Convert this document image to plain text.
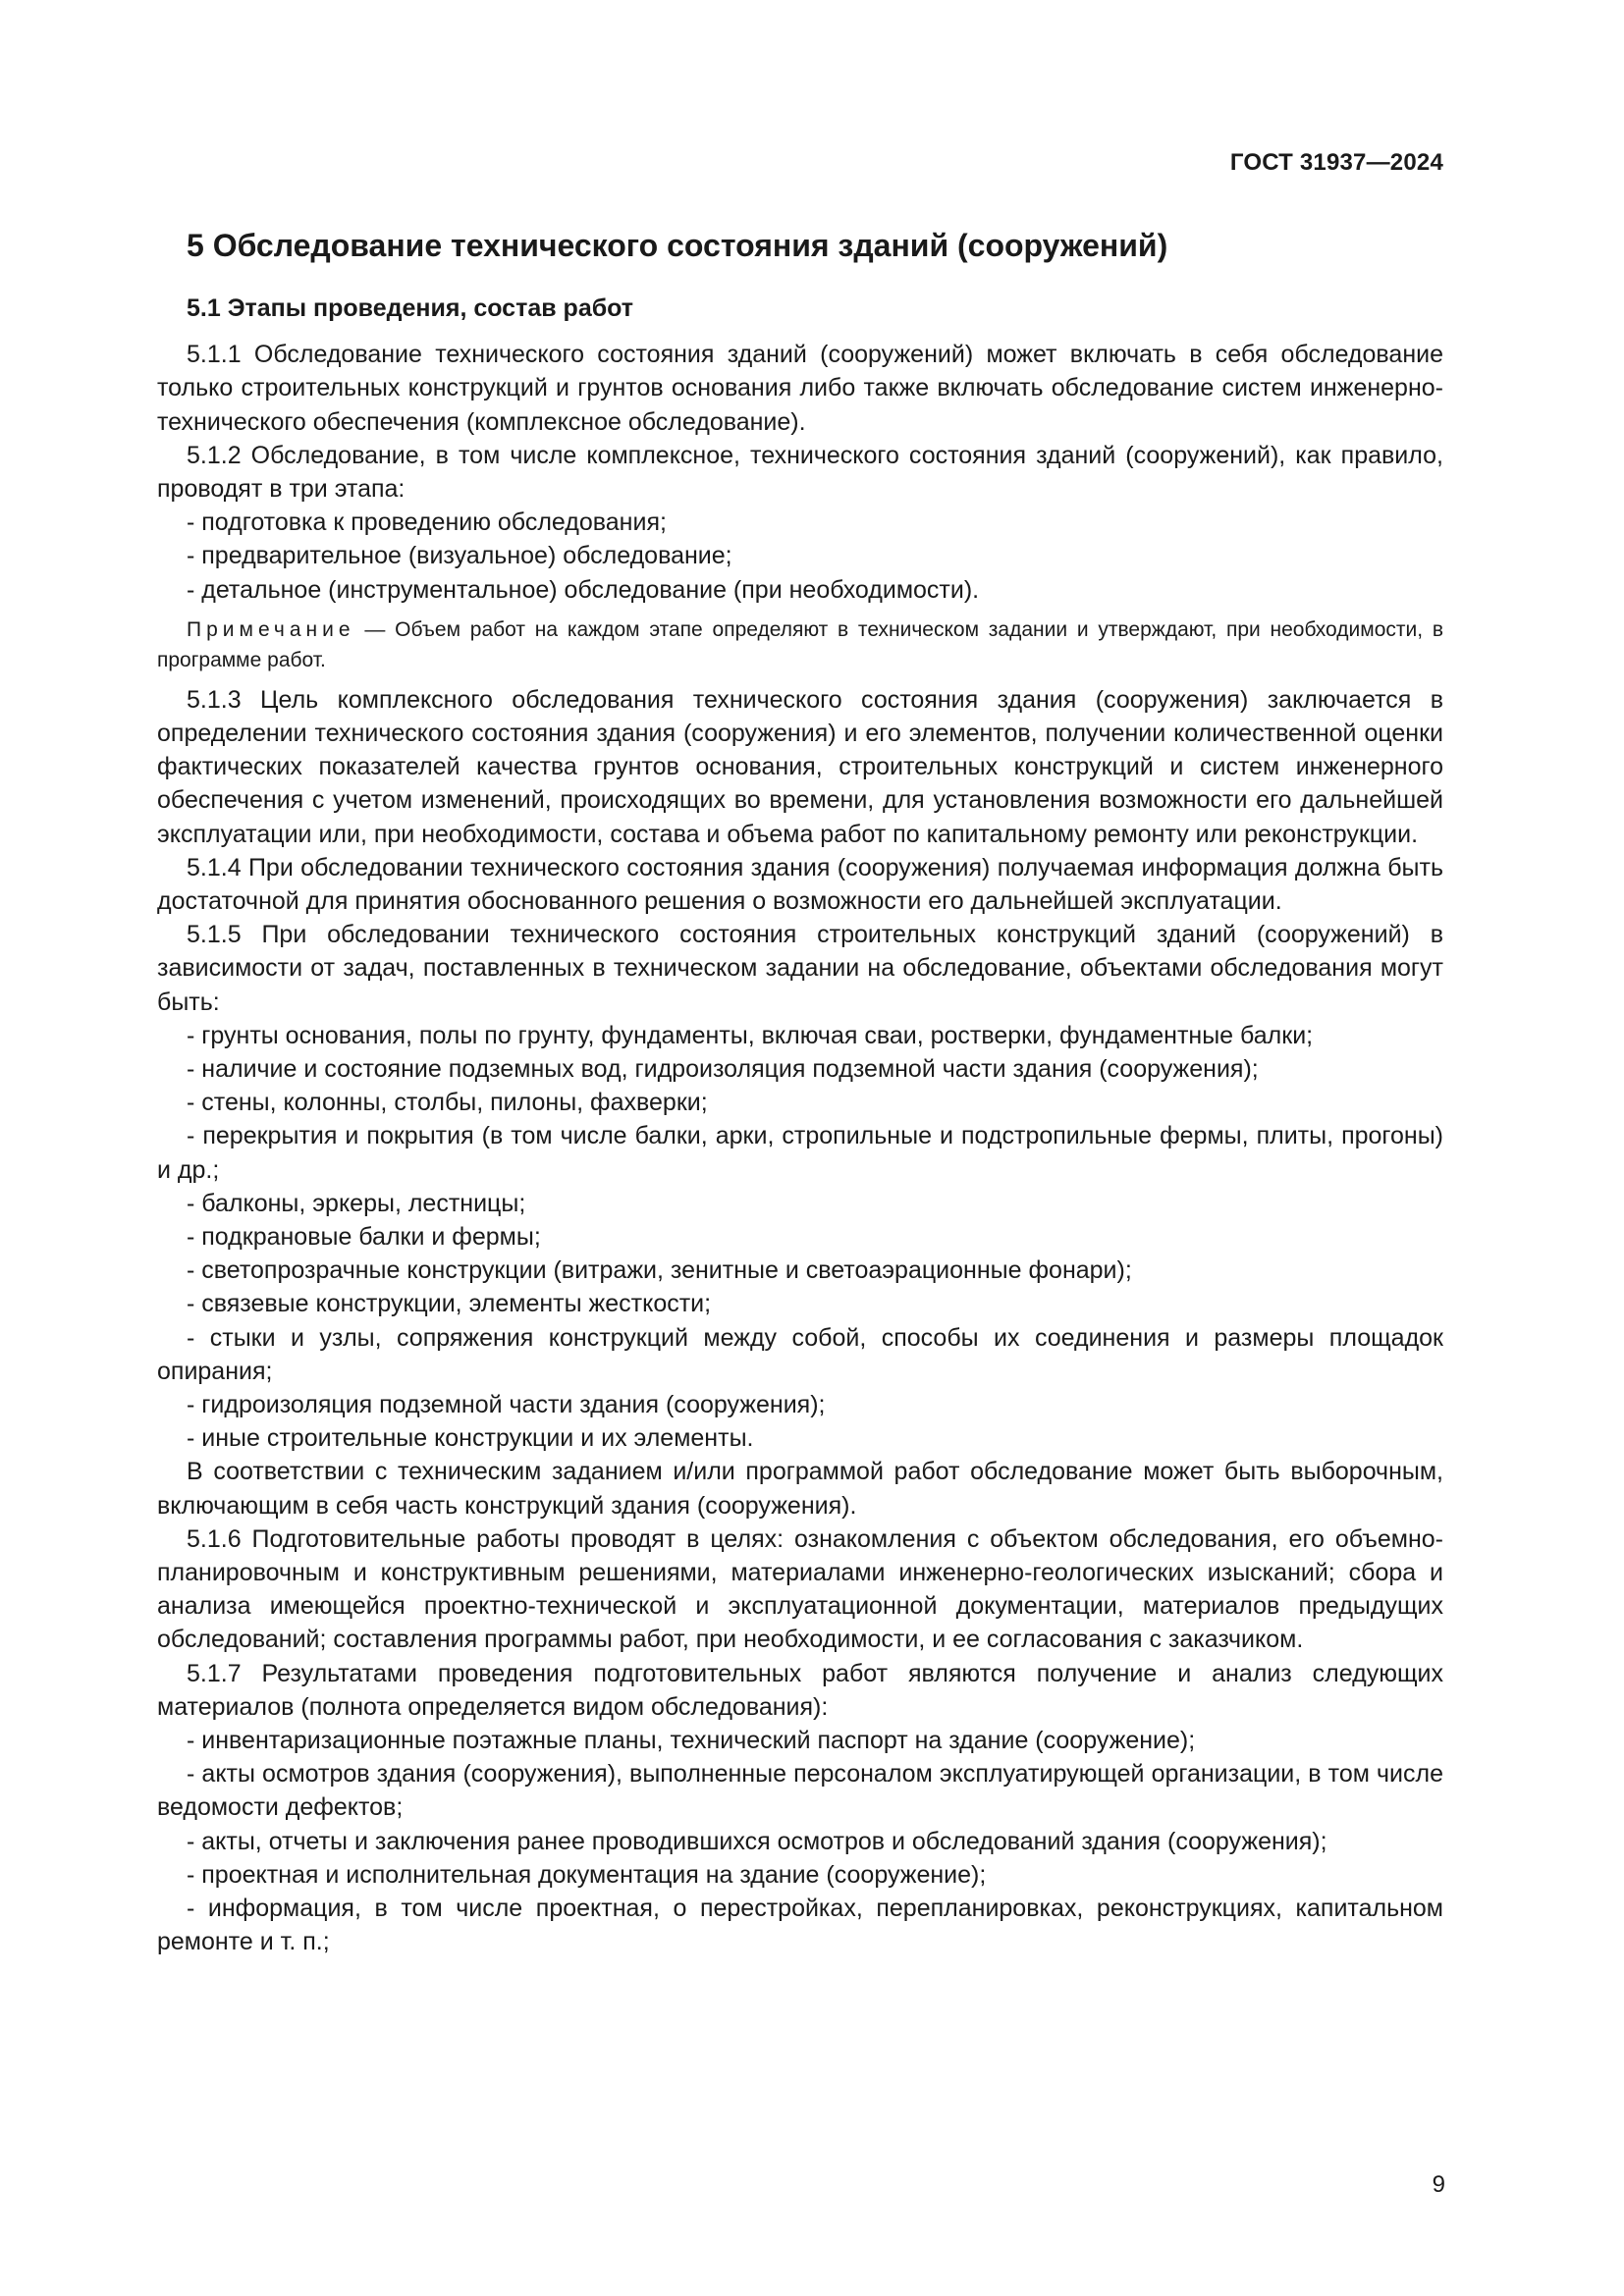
ГОСТ 31937—2024
5 Обследование технического состояния зданий (сооружений)
5.1 Этапы проведения, состав работ

5.1.1 Обследование технического состояния зданий (сооружений) может включать в себя обследование только строительных конструкций и грунтов основания либо также включать обследование систем инженерно-технического обеспечения (комплексное обследование).

5.1.2 Обследование, в том числе комплексное, технического состояния зданий (сооружений), как правило, проводят в три этапа:

- подготовка к проведению обследования;

- предварительное (визуальное) обследование;

- детальное (инструментальное) обследование (при необходимости).

Примечание — Объем работ на каждом этапе определяют в техническом задании и утверждают, при необходимости, в программе работ.

5.1.3 Цель комплексного обследования технического состояния здания (сооружения) заключается в определении технического состояния здания (сооружения) и его элементов, получении количественной оценки фактических показателей качества грунтов основания, строительных конструкций и систем инженерного обеспечения с учетом изменений, происходящих во времени, для установления возможности его дальнейшей эксплуатации или, при необходимости, состава и объема работ по капитальному ремонту или реконструкции.

5.1.4 При обследовании технического состояния здания (сооружения) получаемая информация должна быть достаточной для принятия обоснованного решения о возможности его дальнейшей эксплуатации.

5.1.5 При обследовании технического состояния строительных конструкций зданий (сооружений) в зависимости от задач, поставленных в техническом задании на обследование, объектами обследования могут быть:

- грунты основания, полы по грунту, фундаменты, включая сваи, ростверки, фундаментные балки;

- наличие и состояние подземных вод, гидроизоляция подземной части здания (сооружения);

- стены, колонны, столбы, пилоны, фахверки;

- перекрытия и покрытия (в том числе балки, арки, стропильные и подстропильные фермы, плиты, прогоны) и др.;

- балконы, эркеры, лестницы;

- подкрановые балки и фермы;

- светопрозрачные конструкции (витражи, зенитные и светоаэрационные фонари);

- связевые конструкции, элементы жесткости;

- стыки и узлы, сопряжения конструкций между собой, способы их соединения и размеры площадок опирания;

- гидроизоляция подземной части здания (сооружения);

- иные строительные конструкции и их элементы.

В соответствии с техническим заданием и/или программой работ обследование может быть выборочным, включающим в себя часть конструкций здания (сооружения).

5.1.6 Подготовительные работы проводят в целях: ознакомления с объектом обследования, его объемно-планировочным и конструктивным решениями, материалами инженерно-геологических изысканий; сбора и анализа имеющейся проектно-технической и эксплуатационной документации, материалов предыдущих обследований; составления программы работ, при необходимости, и ее согласования с заказчиком.

5.1.7 Результатами проведения подготовительных работ являются получение и анализ следующих материалов (полнота определяется видом обследования):

- инвентаризационные поэтажные планы, технический паспорт на здание (сооружение);

- акты осмотров здания (сооружения), выполненные персоналом эксплуатирующей организации, в том числе ведомости дефектов;

- акты, отчеты и заключения ранее проводившихся осмотров и обследований здания (сооружения);

- проектная и исполнительная документация на здание (сооружение);

- информация, в том числе проектная, о перестройках, перепланировках, реконструкциях, капитальном ремонте и т. п.;

9
